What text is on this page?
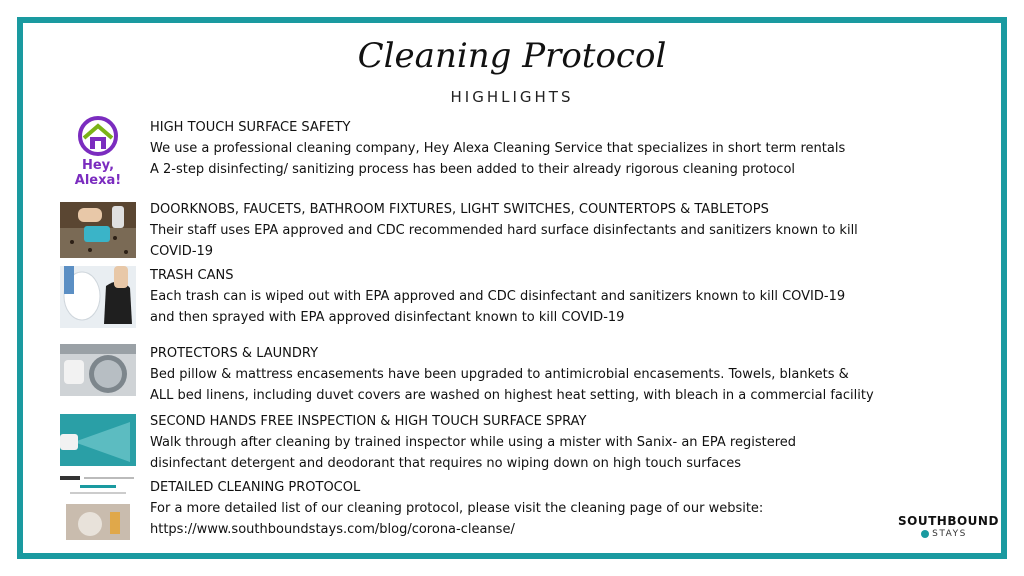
Cleaning Protocol
HIGHLIGHTS
Hey, Alexa!
HIGH TOUCH SURFACE SAFETY
We use a professional cleaning company, Hey Alexa Cleaning Service that specializes in short term rentals
A 2-step disinfecting/ sanitizing process has been added to their already rigorous cleaning protocol
DOORKNOBS, FAUCETS, BATHROOM FIXTURES, LIGHT SWITCHES, COUNTERTOPS & TABLETOPS
Their staff uses EPA approved and CDC recommended hard surface disinfectants and sanitizers known to kill
COVID-19
TRASH CANS
Each trash can is wiped out with EPA approved and CDC disinfectant and sanitizers known to kill COVID-19
and then sprayed with EPA approved disinfectant known to kill COVID-19
PROTECTORS & LAUNDRY
Bed pillow & mattress encasements have been upgraded to antimicrobial encasements. Towels, blankets &
ALL bed linens, including duvet covers are washed on highest heat setting, with bleach in a commercial facility
SECOND HANDS FREE INSPECTION & HIGH TOUCH SURFACE SPRAY
Walk through after cleaning by trained inspector while using a mister with Sanix- an EPA registered
disinfectant detergent and deodorant that requires no wiping down on high touch surfaces
DETAILED CLEANING PROTOCOL
For a more detailed list of our cleaning protocol, please visit the cleaning page of our website:
https://www.southboundstays.com/blog/corona-cleanse/
SOUTHBOUND
STAYS
